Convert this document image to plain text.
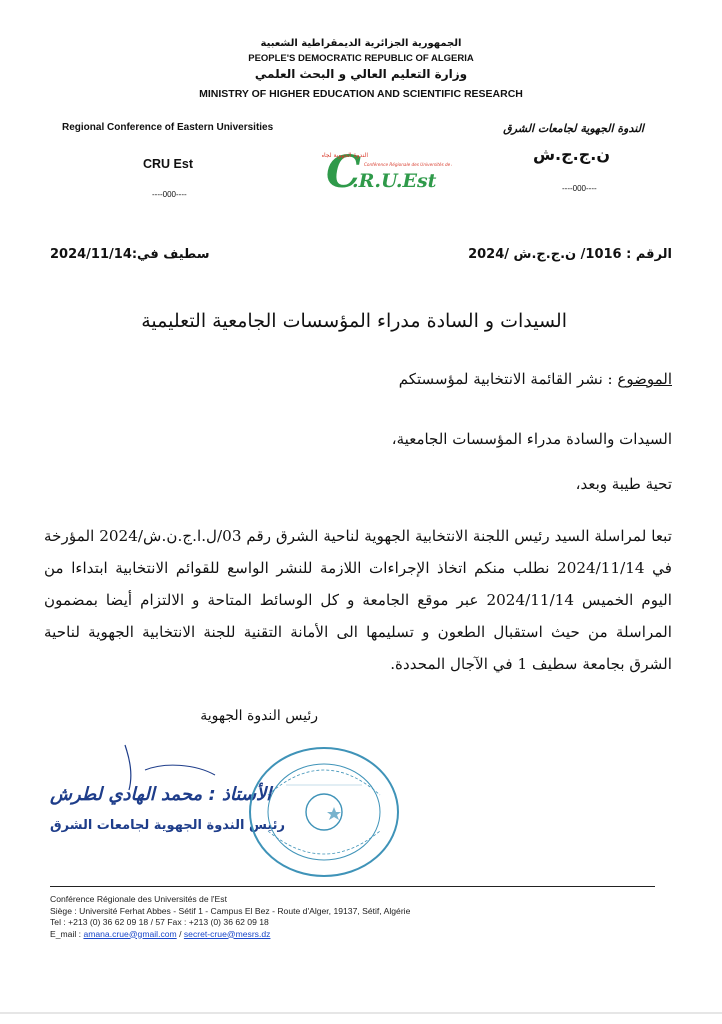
الجمهورية الجزائرية الديمقراطية الشعبية
PEOPLE'S DEMOCRATIC REPUBLIC OF ALGERIA
وزارة التعليم العالي و البحث العلمي
MINISTRY OF HIGHER EDUCATION AND SCIENTIFIC RESEARCH
Regional Conference of Eastern Universities
CRU Est
----000----
الندوة الجهوية لجامعات الشرق
ن.ج.ج.ش
----000----
C
.R.U.Est
الندوة الجهوية لجام
Conférence Régionale des Universités de l'Est
الرقم : 1016/ ن.ج.ج.ش /2024
سطيف في:2024/11/14
السيدات و السادة مدراء المؤسسات الجامعية التعليمية
الموضوع : نشر القائمة الانتخابية لمؤسستكم
السيدات والسادة مدراء المؤسسات الجامعية،
تحية طيبة وبعد،
تبعا لمراسلة السيد رئيس اللجنة الانتخابية الجهوية لناحية الشرق رقم 03/ل.ا.ج.ن.ش/2024 المؤرخة في 2024/11/14 نطلب منكم اتخاذ الإجراءات اللازمة للنشر الواسع للقوائم الانتخابية ابتداءا من اليوم الخميس 2024/11/14 عبر موقع الجامعة و كل الوسائط المتاحة و الالتزام أيضا بمضمون المراسلة من حيث استقبال الطعون و تسليمها الى الأمانة التقنية للجنة الانتخابية الجهوية لناحية الشرق بجامعة سطيف 1 في الآجال المحددة.
رئيس الندوة الجهوية
الأستاذ : محمد الهادي لطرش
رئيس الندوة الجهوية لجامعات الشرق
Conférence Régionale des Universités de l'Est
Siège : Université Ferhat Abbes - Sétif 1 - Campus El Bez - Route d'Alger, 19137, Sétif, Algérie
Tel : +213 (0) 36 62 09 18 / 57 Fax : +213 (0) 36 62 09 18
E_mail : amana.crue@gmail.com / secret-crue@mesrs.dz
